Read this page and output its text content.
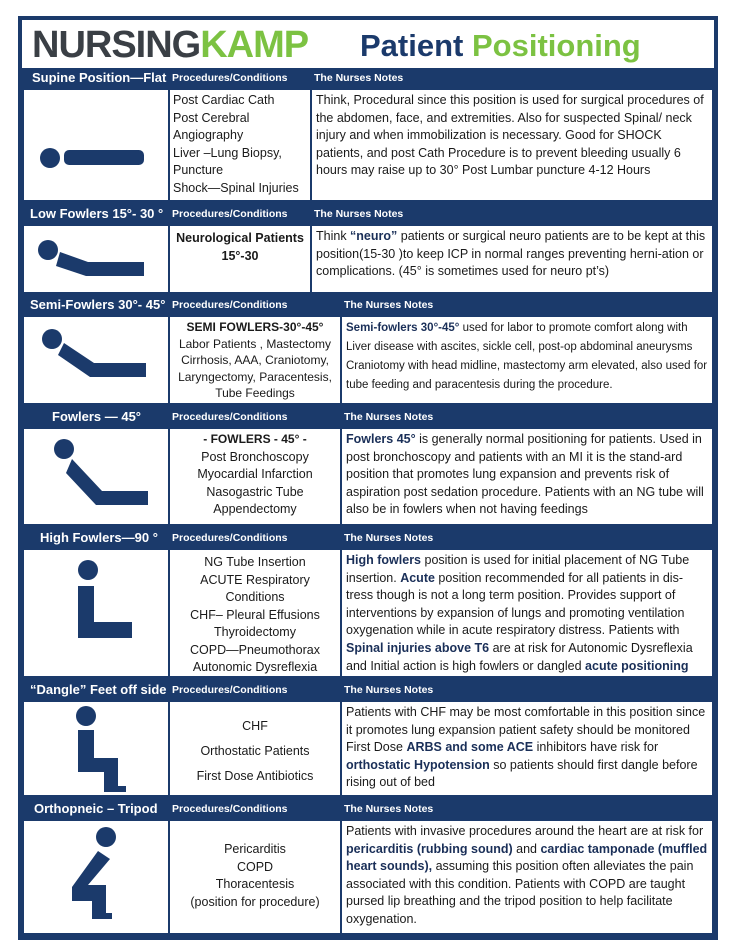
NURSINGKAMP Patient Positioning
Supine Position—Flat Procedures/Conditions	The Nurses Notes
Post Cardiac Cath
Post Cerebral
Angiography
Liver –Lung Biopsy,
Puncture
Shock—Spinal Injuries
Think, Procedural since this position is used for surgical procedures of the abdomen, face, and extremities. Also for suspected Spinal/ neck injury and when immobilization is necessary. Good for SHOCK patients, and post Cath Procedure is to prevent bleeding usually 6 hours may raise up to 30° Post Lumbar puncture 4-12 Hours
Low Fowlers 15°- 30 ° Procedures/Conditions	The Nurses Notes
Neurological Patients
15°-30
Think “neuro” patients or surgical neuro patients are to be kept at this position(15-30 )to keep ICP in normal ranges preventing herni-ation or complications. (45° is sometimes used for neuro pt’s)
Semi-Fowlers 30°- 45° Procedures/Conditions	The Nurses Notes
SEMI FOWLERS-30°-45°
Labor Patients , Mastectomy
Cirrhosis, AAA, Craniotomy,
Laryngectomy, Paracentesis,
Tube Feedings
Semi-fowlers 30°-45° used for labor to promote comfort along with Liver disease with ascites, sickle cell, post-op abdominal aneurysms Craniotomy with head midline, mastectomy arm elevated, also used for tube feeding and paracentesis during the procedure.
Fowlers — 45°	Procedures/Conditions	The Nurses Notes
- FOWLERS - 45° -
Post Bronchoscopy
Myocardial Infarction
Nasogastric Tube
Appendectomy
Fowlers 45° is generally normal positioning for patients. Used in post bronchoscopy and patients with an MI it is the stand-ard position that promotes lung expansion and prevents risk of aspiration post sedation procedure. Patients with an NG tube will also be in fowlers when not having feedings
High Fowlers—90 ° Procedures/Conditions	The Nurses Notes
NG Tube Insertion
ACUTE Respiratory
Conditions
CHF– Pleural Effusions
Thyroidectomy
COPD—Pneumothorax
Autonomic Dysreflexia
High fowlers position is used for initial placement of NG Tube insertion. Acute position recommended for all patients in dis-tress though is not a long term position. Provides support of interventions by expansion of lungs and promoting ventilation oxygenation while in acute respiratory distress. Patients with Spinal injuries above T6 are at risk for Autonomic Dysreflexia and Initial action is high fowlers or dangled acute positioning
“Dangle” Feet off side Procedures/Conditions	The Nurses Notes
CHF
Orthostatic Patients
First Dose Antibiotics
Patients with CHF may be most comfortable in this position since it promotes lung expansion patient safety should be monitored First Dose ARBS and some ACE inhibitors have risk for orthostatic Hypotension so patients should first dangle before rising out of bed
Orthopneic – Tripod Procedures/Conditions	The Nurses Notes
Pericarditis
COPD
Thoracentesis
(position for procedure)
Patients with invasive procedures around the heart are at risk for pericarditis (rubbing sound) and cardiac tamponade (muffled heart sounds), assuming this position often alleviates the pain associated with this condition. Patients with COPD are taught pursed lip breathing and the tripod position to help facilitate oxygenation.
